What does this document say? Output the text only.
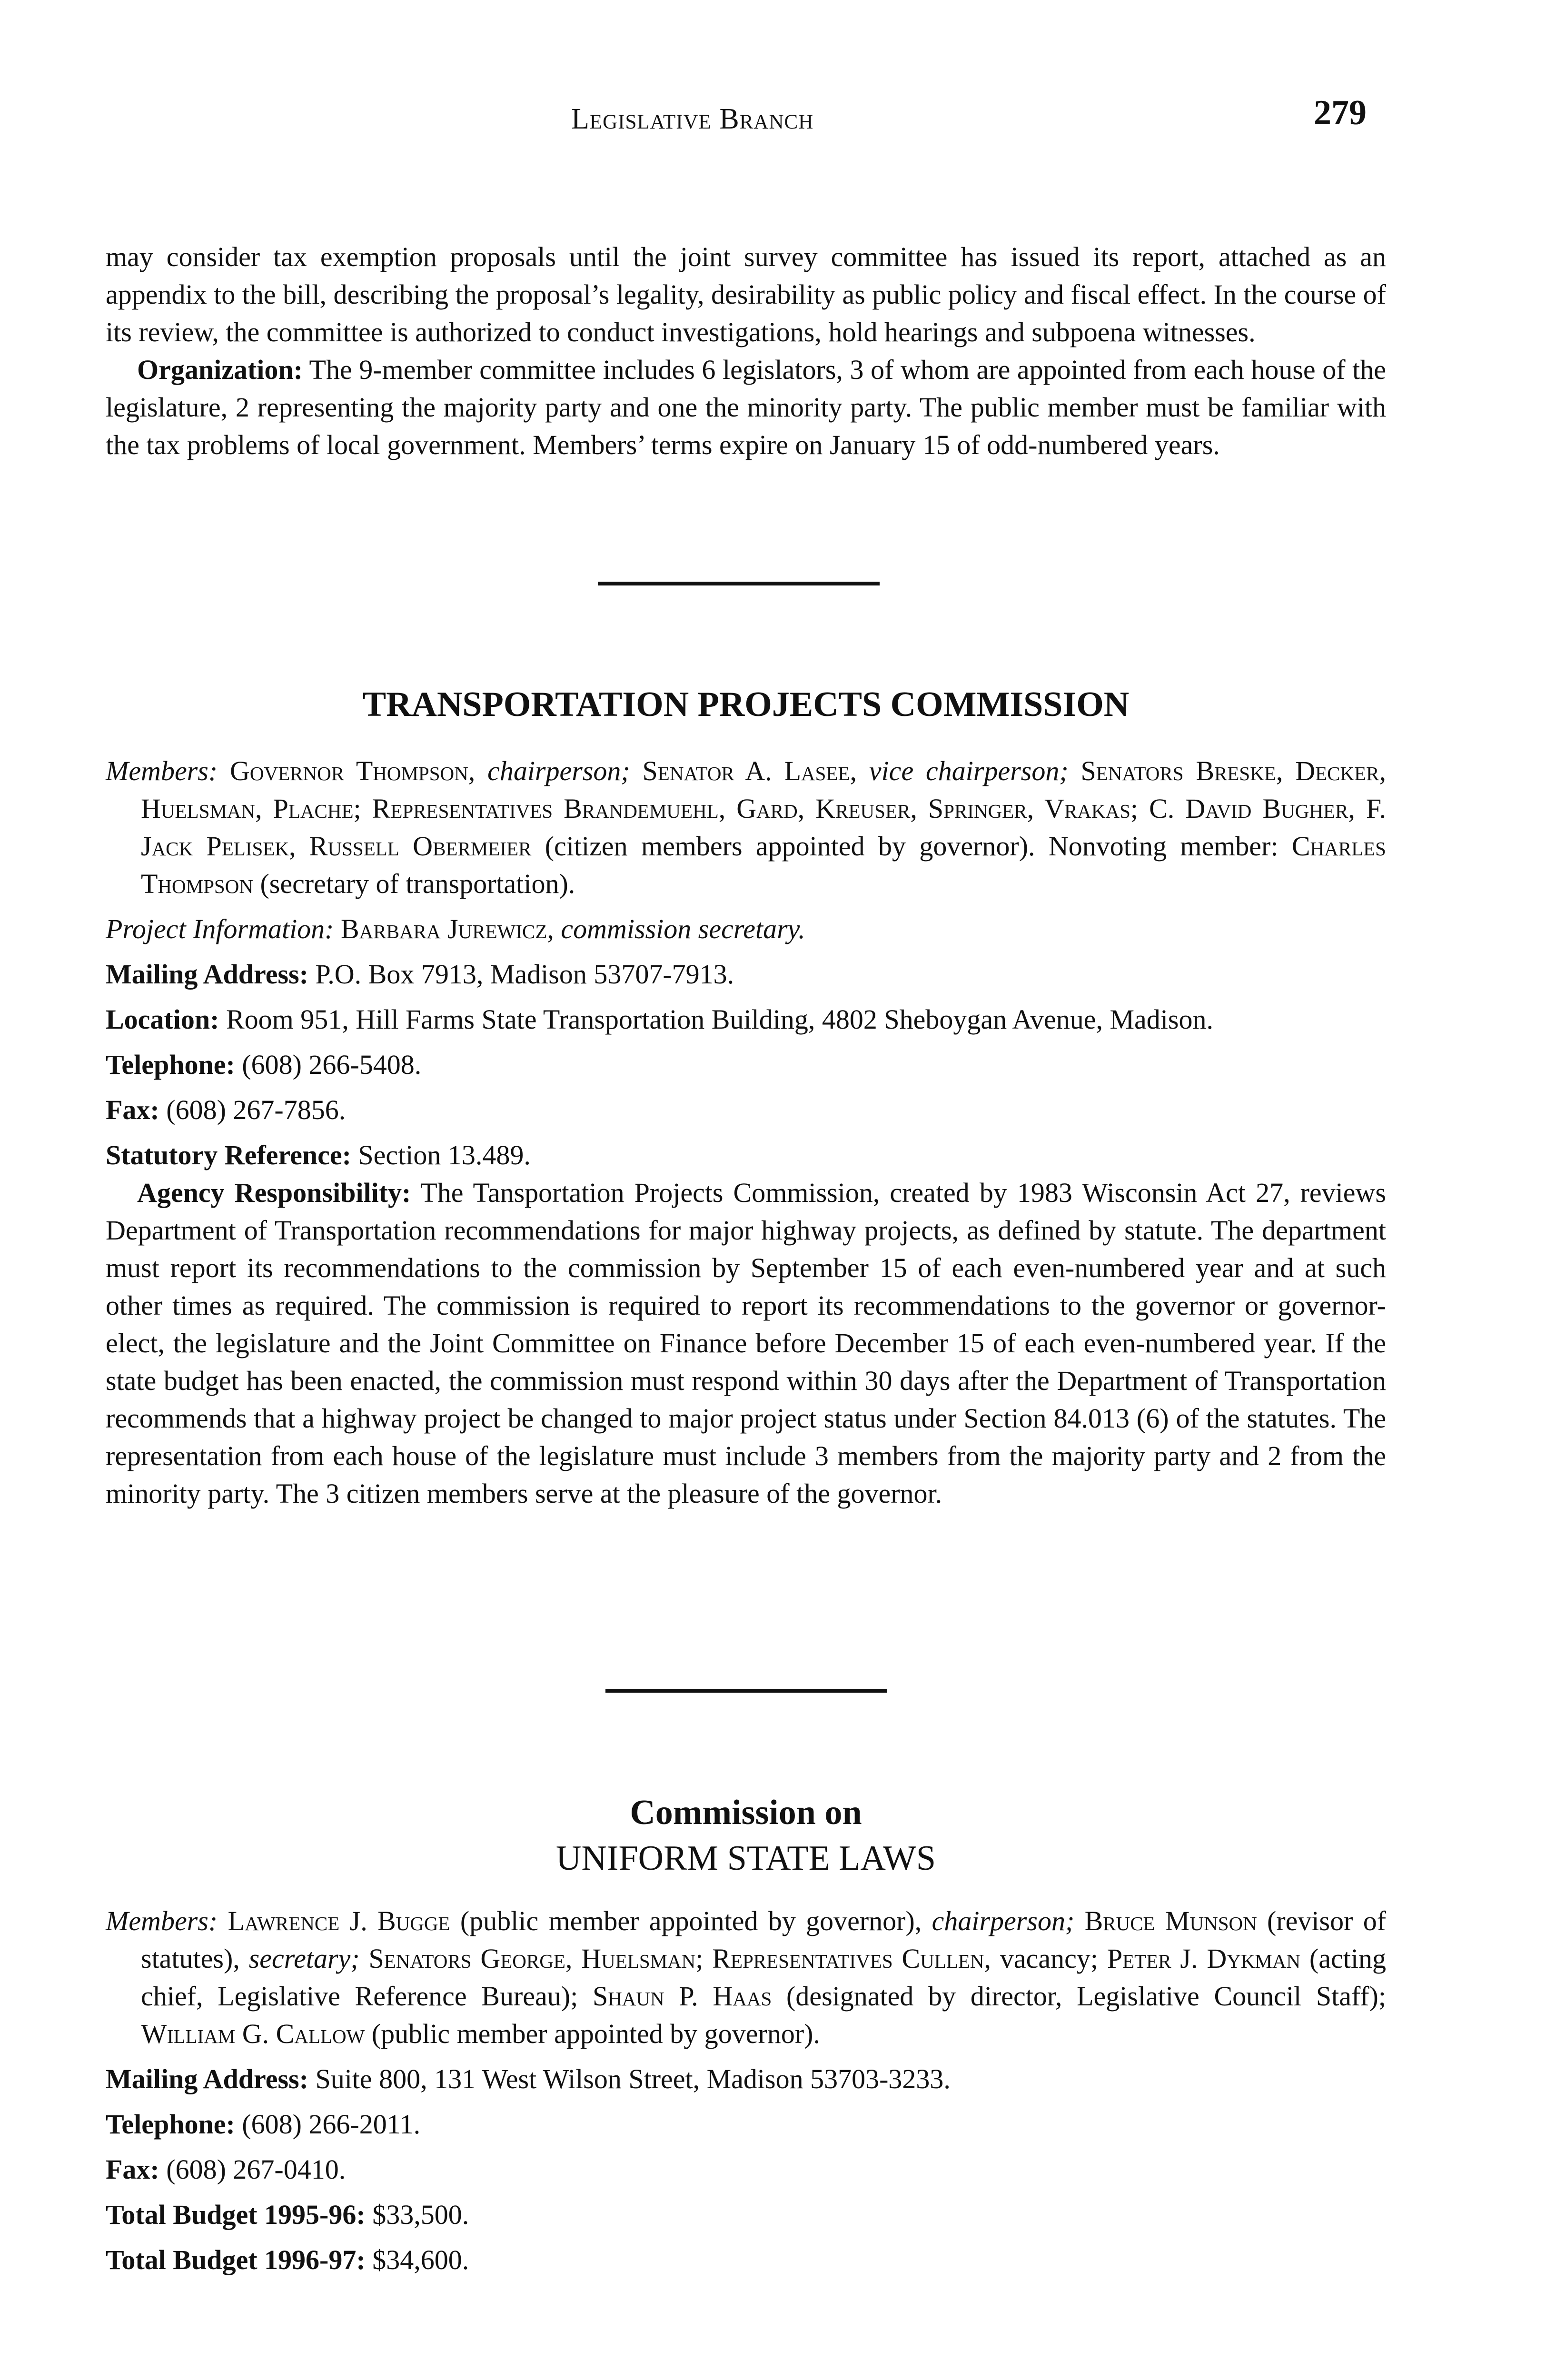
Legislative Branch	279

may consider tax exemption proposals until the joint survey committee has issued its report, attached as an appendix to the bill, describing the proposal’s legality, desirability as public policy and fiscal effect. In the course of its review, the committee is authorized to conduct investigations, hold hearings and subpoena witnesses.

Organization: The 9-member committee includes 6 legislators, 3 of whom are appointed from each house of the legislature, 2 representing the majority party and one the minority party. The public member must be familiar with the tax problems of local government. Members’ terms expire on January 15 of odd-numbered years.

TRANSPORTATION PROJECTS COMMISSION

Members: Governor Thompson, chairperson; Senator A. Lasee, vice chairperson; Senators Breske, Decker, Huelsman, Plache; Representatives Brandemuehl, Gard, Kreuser, Springer, Vrakas; C. David Bugher, F. Jack Pelisek, Russell Obermeier (citizen members appointed by governor). Nonvoting member: Charles Thompson (secretary of transportation).

Project Information: Barbara Jurewicz, commission secretary.

Mailing Address: P.O. Box 7913, Madison 53707-7913.

Location: Room 951, Hill Farms State Transportation Building, 4802 Sheboygan Avenue, Madison.

Telephone: (608) 266-5408.

Fax: (608) 267-7856.

Statutory Reference: Section 13.489.

Agency Responsibility: The Tansportation Projects Commission, created by 1983 Wisconsin Act 27, reviews Department of Transportation recommendations for major highway projects, as defined by statute. The department must report its recommendations to the commission by September 15 of each even-numbered year and at such other times as required. The commission is required to report its recommendations to the governor or governor-elect, the legislature and the Joint Committee on Finance before December 15 of each even-numbered year. If the state budget has been enacted, the commission must respond within 30 days after the Department of Transportation recommends that a highway project be changed to major project status under Section 84.013 (6) of the statutes. The representation from each house of the legislature must include 3 members from the majority party and 2 from the minority party. The 3 citizen members serve at the pleasure of the governor.

Commission on
UNIFORM STATE LAWS

Members: Lawrence J. Bugge (public member appointed by governor), chairperson; Bruce Munson (revisor of statutes), secretary; Senators George, Huelsman; Representatives Cullen, vacancy; Peter J. Dykman (acting chief, Legislative Reference Bureau); Shaun P. Haas (designated by director, Legislative Council Staff); William G. Callow (public member appointed by governor).

Mailing Address: Suite 800, 131 West Wilson Street, Madison 53703-3233.

Telephone: (608) 266-2011.

Fax: (608) 267-0410.

Total Budget 1995-96: $33,500.

Total Budget 1996-97: $34,600.
